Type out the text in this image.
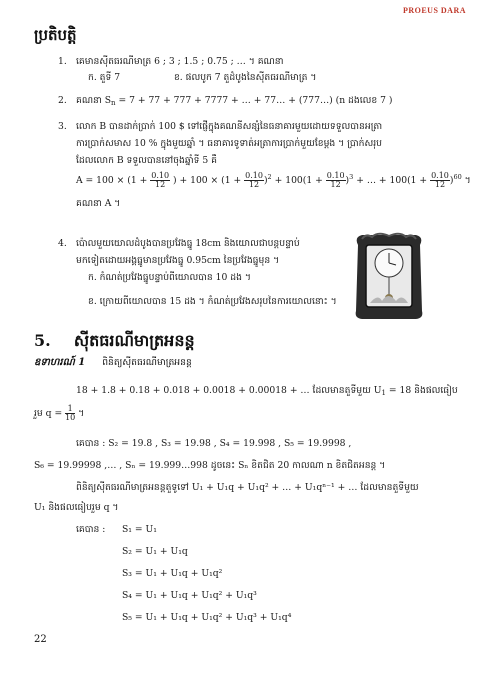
PROEUS DARA
ប្រតិបត្តិ
1. គេមានស៊ីតធរណីមាត្រ 6 ; 3 ; 1.5 ; 0.75 ; … ។ គណនា
ក. តួទី 7	ខ. ផលបូក 7 តួដំបូងនៃស៊ីតធរណីមាត្រ ។
2. គណនា $S_n = 7 + 77 + 777 + 7777$ + … + 77… + (777…) (n ដងលេខ 7 )
3. លោក B បានដាក់ប្រាក់ 100 $ ទៅផ្ញើក្នុងគណនីសន្សំនៃធនាគារមួយដោយទទួលបានអត្រា
ការប្រាក់សមាស 10 % ក្នុងមួយឆ្នាំ ។ ធនាគារទូទាត់អត្រាការប្រាក់មួយខែម្តង ។ ប្រាក់សរុប
ដែលលោក B ទទួលបាននៅចុងឆ្នាំទី 5 គឺ
$A = 100 \times (1 + \frac{0.10}{12}$ ) + $100 \times (1 + \frac{0.10}{12} )^2 + 100(1 + \frac{0.10}{12} )^3$ + … + $100(1 + \frac{0.10}{12} )^{60}$ ។
គណនា A ។
4. ប៉ោលមួយយោលដំបូងបានប្រវែងធ្នូ 18cm និងយោលជាបន្តបន្ទាប់
មកទៀតដោយអង្គធ្នូមានប្រវែងធ្នូ 0.95cm នៃប្រវែងធ្នូមុន ។
ក. កំណត់ប្រវែងធ្នូបន្ទាប់ពីយោលបាន 10 ដង ។
ខ. ក្រោយពីយោលបាន 15 ដង ។ កំណត់ប្រវែងសរុបនៃការយោលនោះ ។
5. ស៊ីតធរណីមាត្រអនន្ត
ឧទាហរណ៍ 1 ពិនិត្យស៊ីតធរណីមាត្រអនន្ត
18 + 1.8 + 0.18 + 0.018 + 0.0018 + 0.00018 + … ដែលមានតួទីមួយ $U_1 = 18$ និងផលធៀប
រួម $q = \frac{1}{10}$ ។
គេបាន : S₂ = 19.8 , S₃ = 19.98 , S₄ = 19.998 , S₅ = 19.9998 ,
S₆ = 19.99998 ,… , Sₙ = 19.999…998 ដូចនេះ Sₙ ខិតជិត 20 កាលណា n ខិតជិតអនន្ត ។
ពិនិត្យស៊ីតធរណីមាត្រអនន្តតួទូទៅ U₁ + U₁q + U₁q² + … + U₁qⁿ⁻¹ + … ដែលមានតួទីមួយ
U₁ និងផលធៀបរួម q ។
គេបាន : S₁ = U₁
S₂ = U₁ + U₁q
S₃ = U₁ + U₁q + U₁q²
S₄ = U₁ + U₁q + U₁q² + U₁q³
S₅ = U₁ + U₁q + U₁q² + U₁q³ + U₁q⁴
22
